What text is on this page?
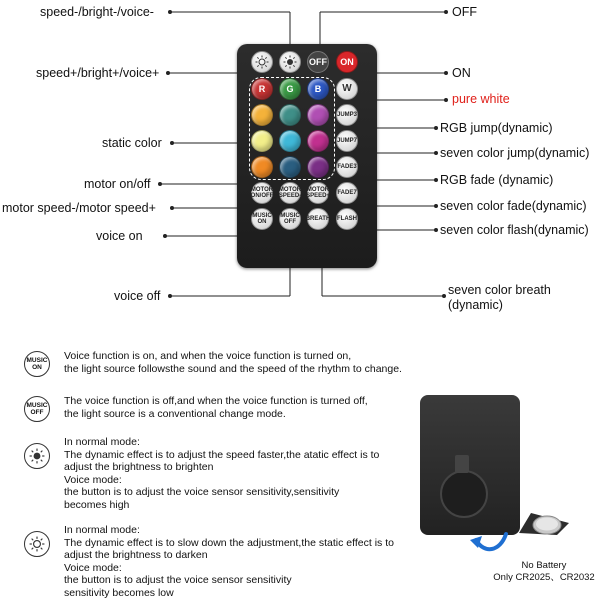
speed-/bright-/voice-
speed+/bright+/voice+
static color
motor on/off
motor speed-/motor speed+
voice on
voice off
OFF
ON
pure white
RGB jump(dynamic)
seven color jump(dynamic)
RGB fade (dynamic)
seven color fade(dynamic)
seven color flash(dynamic)
seven color breath
(dynamic)
OFF	ON
R	G	B	W
JUMP3
JUMP7
FADE3
MOTOR
ON/OFF
MOTOR
SPEED-
MOTOR
SPEED+ FADE7
MUSIC
ON
MUSIC
OFF BREATH FLASH
MUSIC
ON
Voice function is on, and when the voice function is turned on,
the light source followsthe sound and the speed of the rhythm to change.
MUSIC
OFF
The voice function is off,and when the voice function is turned off,
the light source is a conventional change mode.
In normal mode:
The dynamic effect is to adjust the speed faster,the atatic effect is to
adjust the brightness to brighten
Voice mode:
the button is to adjust the voice sensor sensitivity,sensitivity
becomes high
In normal mode:
The dynamic effect is to slow down the adjustment,the static effect is to
adjust the brightness to darken
Voice mode:
the button is to adjust the voice sensor sensitivity
sensitivity becomes low
No Battery
Only CR2025、CR2032
